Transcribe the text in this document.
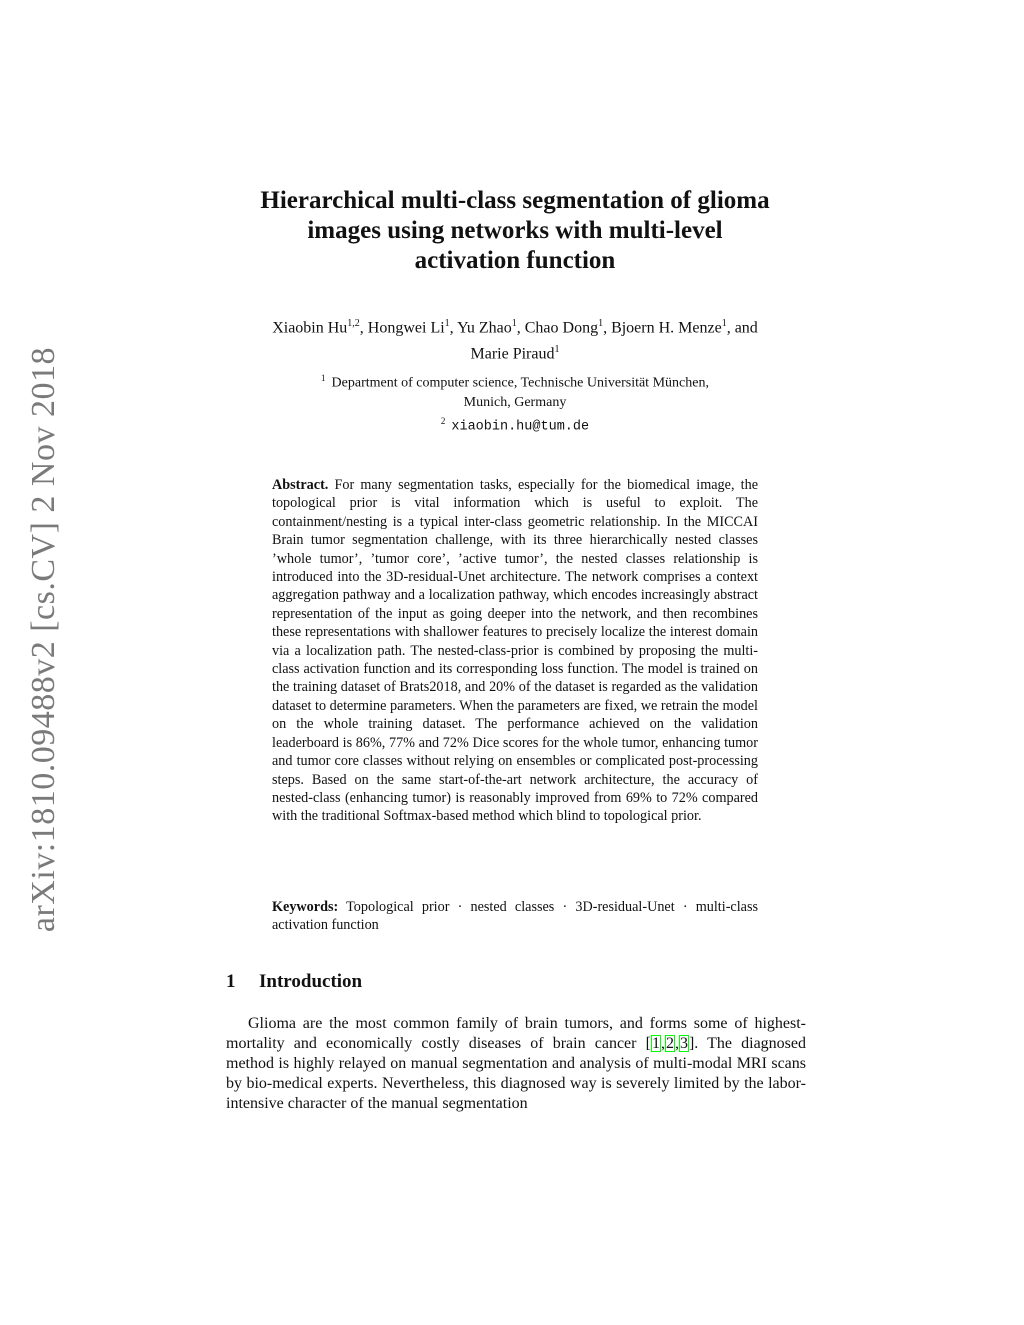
arXiv:1810.09488v2 [cs.CV] 2 Nov 2018
Hierarchical multi-class segmentation of glioma
images using networks with multi-level
activation function
Xiaobin Hu$^{1,2}$, Hongwei Li$^1$, Yu Zhao$^1$, Chao Dong$^1$, Bjoern H. Menze$^1$, and
Marie Piraud$^1$
$^1$ Department of computer science, Technische Universität München,
Munich, Germany
$^2$ xiaobin.hu@tum.de
Abstract. For many segmentation tasks, especially for the biomedical image, the topological prior is vital information which is useful to exploit. The containment/nesting is a typical inter-class geometric relationship. In the MICCAI Brain tumor segmentation challenge, with its three hierarchically nested classes ’whole tumor’, ’tumor core’, ’active tumor’, the nested classes relationship is introduced into the 3D-residual-Unet architecture. The network comprises a context aggregation pathway and a localization pathway, which encodes increasingly abstract representation of the input as going deeper into the network, and then recombines these representations with shallower features to precisely localize the interest domain via a localization path. The nested-class-prior is combined by proposing the multi-class activation function and its corresponding loss function. The model is trained on the training dataset of Brats2018, and 20% of the dataset is regarded as the validation dataset to determine parameters. When the parameters are fixed, we retrain the model on the whole training dataset. The performance achieved on the validation leaderboard is 86%, 77% and 72% Dice scores for the whole tumor, enhancing tumor and tumor core classes without relying on ensembles or complicated post-processing steps. Based on the same start-of-the-art network architecture, the accuracy of nested-class (enhancing tumor) is reasonably improved from 69% to 72% compared with the traditional Softmax-based method which blind to topological prior.
Keywords: Topological prior · nested classes · 3D-residual-Unet · multi-class activation function
1 Introduction
Glioma are the most common family of brain tumors, and forms some of highest-mortality and economically costly diseases of brain cancer [1,2,3]. The diagnosed method is highly relayed on manual segmentation and analysis of multi-modal MRI scans by bio-medical experts. Nevertheless, this diagnosed way is severely limited by the labor-intensive character of the manual segmentation
